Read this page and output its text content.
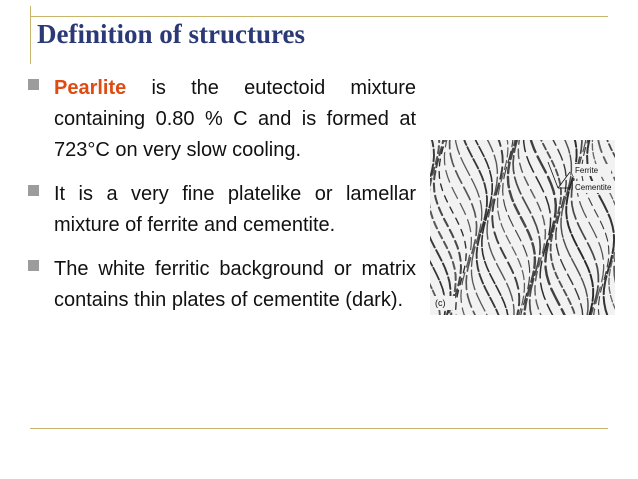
Definition of structures
Pearlite is the eutectoid mixture containing 0.80 % C and is formed at 723°C on very slow cooling.
It is a very fine platelike or lamellar mixture of ferrite and cementite.
The white ferritic background or matrix contains thin plates of cementite (dark).
Ferrite
Cementite
(c)
